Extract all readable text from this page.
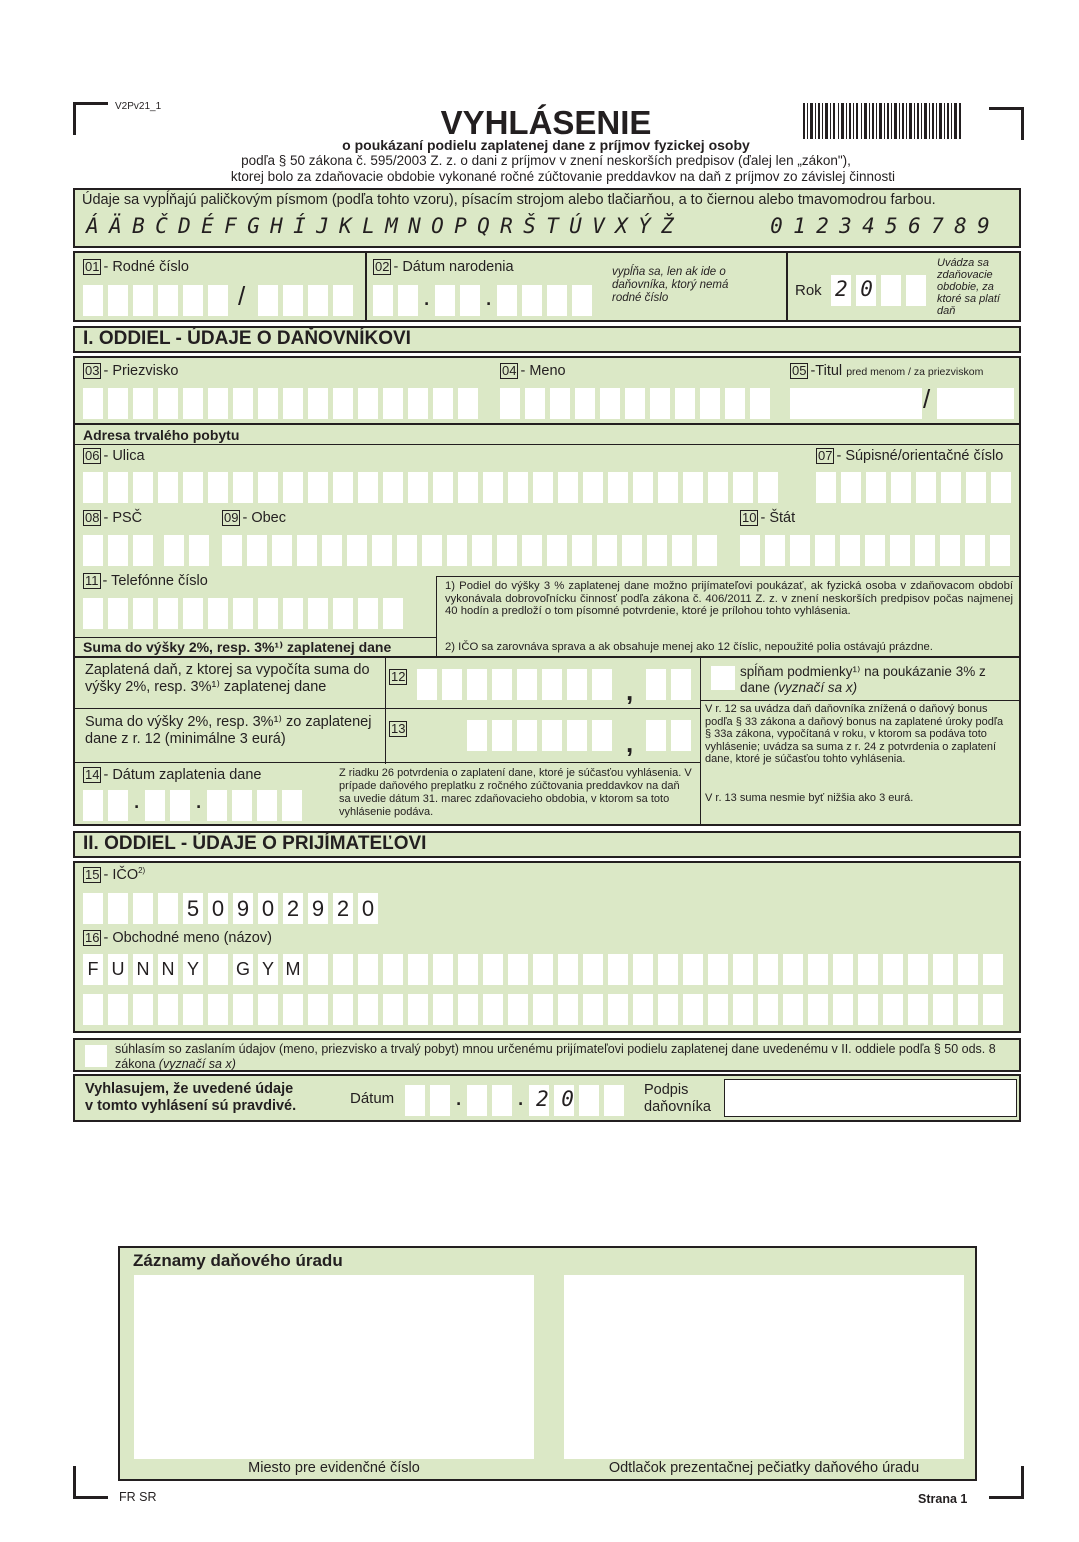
V2Pv21_1	VYHLÁSENIE
o poukázaní podielu zaplatenej dane z príjmov fyzickej osoby
podľa § 50 zákona č. 595/2003 Z. z. o dani z príjmov v znení neskorších predpisov (ďalej len „zákon"),
ktorej bolo za zdaňovacie obdobie vykonané ročné zúčtovanie preddavkov na daň z príjmov zo závislej činnosti
Údaje sa vypĺňajú paličkovým písmom (podľa tohto vzoru), písacím strojom alebo tlačiarňou, a to čiernou alebo tmavomodrou farbou.
Á Ä B Č D É F G H Í J K L M N O P Q R Š T Ú V X Ý Ž	0 1 2 3 4 5 6 7 8 9
01 - Rodné číslo
/
02 - Dátum narodenia
. .
vypĺňa sa, len ak ide o daňovníka, ktorý nemá rodné číslo	Rok 2 0
Uvádza sa zdaňovacie obdobie, za ktoré sa platí daň
I. ODDIEL - ÚDAJE O DAŇOVNÍKOVI
03 - Priezvisko	04 - Meno	05 -Titul pred menom / za priezviskom
/
Adresa trvalého pobytu
06 - Ulica	07 - Súpisné/orientačné číslo
08 - PSČ	09 - Obec	10 - Štát
11 - Telefónne číslo	1) Podiel do výšky 3 % zaplatenej dane možno prijímateľovi poukázať, ak fyzická osoba v zdaňovacom období vykonávala dobrovoľnícku činnosť podľa zákona č. 406/2011 Z. z. v znení neskorších predpisov počas najmenej 40 hodín a predloží o tom písomné potvrdenie, ktoré je prílohou tohto vyhlásenia.
2) IČO sa zarovnáva sprava a ak obsahuje menej ako 12 číslic, nepoužité polia ostávajú prázdne.
Suma do výšky 2%, resp. 3%¹⁾ zaplatenej dane
Zaplatená daň, z ktorej sa vypočíta suma do výšky 2%, resp. 3%¹⁾ zaplatenej dane
12	,
Suma do výšky 2%, resp. 3%¹⁾ zo zaplatenej dane z r. 12 (minimálne 3 eurá)
13	,
spĺňam podmienky¹⁾ na poukázanie 3% z dane (vyznačí sa x)
V r. 12 sa uvádza daň daňovníka znížená o daňový bonus podľa § 33 zákona a daňový bonus na zaplatené úroky podľa § 33a zákona, vypočítaná v roku, v ktorom sa podáva toto vyhlásenie; uvádza sa suma z r. 24 z potvrdenia o zaplatení dane, ktoré je súčasťou tohto vyhlásenia.
V r. 13 suma nesmie byť nižšia ako 3 eurá.
14 - Dátum zaplatenia dane
. .
Z riadku 26 potvrdenia o zaplatení dane, ktoré je súčasťou vyhlásenia. V prípade daňového preplatku z ročného zúčtovania preddavkov na daň sa uvedie dátum 31. marec zdaňovacieho obdobia, v ktorom sa toto vyhlásenie podáva.
II. ODDIEL - ÚDAJE O PRIJÍMATEĽOVI
15 - IČO$^{2)}$
5 0 9 0 2 9 2 0
16 - Obchodné meno (názov)
F U N N Y G Y M
súhlasím so zaslaním údajov (meno, priezvisko a trvalý pobyt) mnou určenému prijímateľovi podielu zaplatenej dane uvedenému v II. oddiele podľa § 50 ods. 8 zákona (vyznačí sa x)
Vyhlasujem, že uvedené údaje
v tomto vyhlásení sú pravdivé.	Dátum . . 2 0	Podpis
daňovníka
Záznamy daňového úradu
Miesto pre evidenčné číslo	Odtlačok prezentačnej pečiatky daňového úradu
FR SR	Strana 1
